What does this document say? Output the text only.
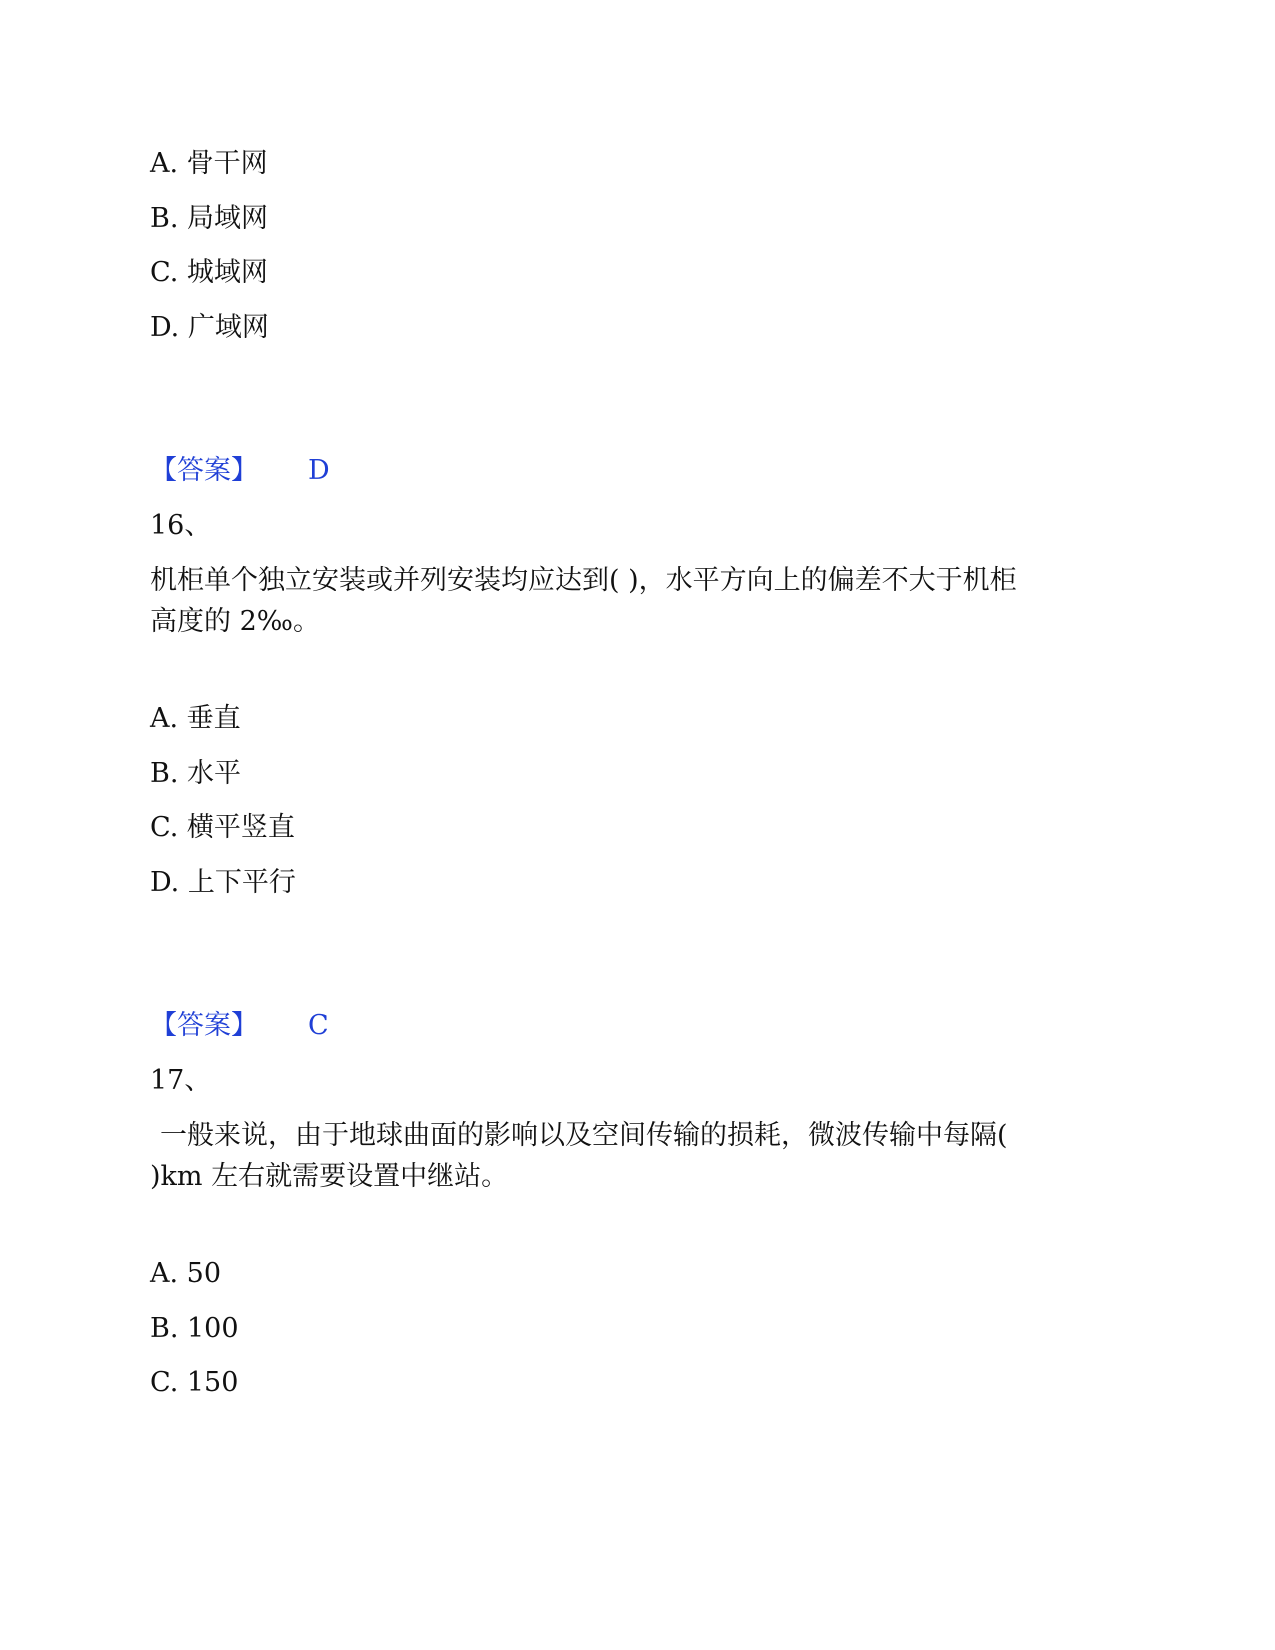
A. 骨干网
B. 局域网
C. 城域网
D. 广域网
【答案】 D
16、
机柜单个独立安装或并列安装均应达到( )，水平方向上的偏差不大于机柜
高度的 2‰。
A. 垂直
B. 水平
C. 横平竖直
D. 上下平行
【答案】 C
17、
一般来说，由于地球曲面的影响以及空间传输的损耗，微波传输中每隔(
)km 左右就需要设置中继站。
A. 50
B. 100
C. 150
